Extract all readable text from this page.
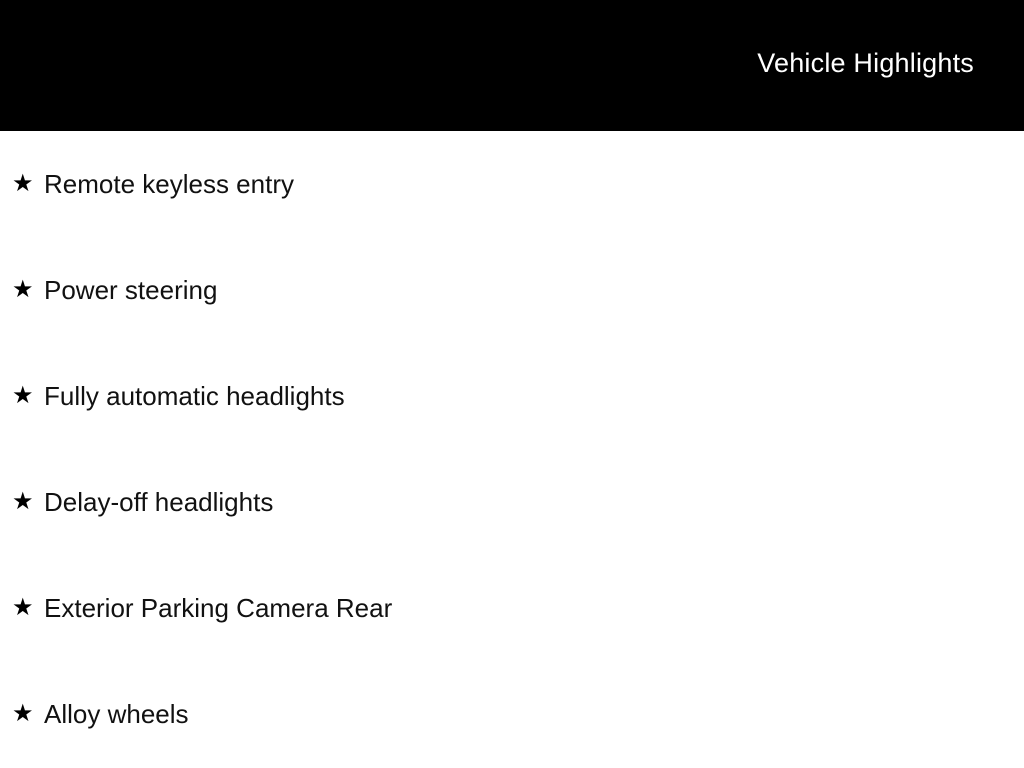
Vehicle Highlights
★ Remote keyless entry
★ Power steering
★ Fully automatic headlights
★ Delay-off headlights
★ Exterior Parking Camera Rear
★ Alloy wheels
